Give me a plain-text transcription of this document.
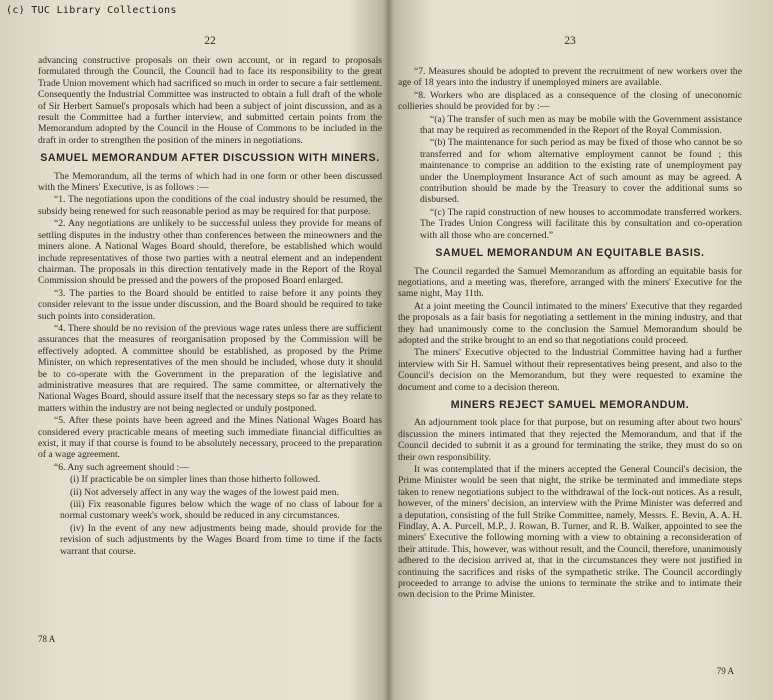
(c) TUC Library Collections
22

advancing constructive proposals on their own account, or in regard to proposals formulated through the Council, the Council had to face its responsibility to the great Trade Union movement which had sacrificed so much in order to secure a fair settlement. Consequently the Industrial Committee was instructed to obtain a full draft of the whole of Sir Herbert Samuel's proposals which had been a subject of joint discussion, and as a result the Committee had a further interview, and submitted certain points from the Memorandum adopted by the Council in the House of Commons to be included in the draft in order to strengthen the position of the miners in negotiations.

SAMUEL MEMORANDUM AFTER DISCUSSION WITH MINERS.

The Memorandum, all the terms of which had in one form or other been discussed with the Miners' Executive, is as follows :—

“1. The negotiations upon the conditions of the coal industry should be resumed, the subsidy being renewed for such reasonable period as may be required for that purpose.

“2. Any negotiations are unlikely to be successful unless they provide for means of settling disputes in the industry other than conferences between the mineowners and the miners alone. A National Wages Board should, therefore, be established which would include representatives of those two parties with a neutral element and an independent chairman. The proposals in this direction tentatively made in the Report of the Royal Commission should be pressed and the powers of the proposed Board enlarged.

“3. The parties to the Board should be entitled to raise before it any points they consider relevant to the issue under discussion, and the Board should be required to take such points into consideration.

“4. There should be no revision of the previous wage rates unless there are sufficient assurances that the measures of reorganisation proposed by the Commission will be effectively adopted. A committee should be established, as proposed by the Prime Minister, on which representatives of the men should be included, whose duty it should be to co-operate with the Government in the preparation of the legislative and administrative measures that are required. The same committee, or alternatively the National Wages Board, should assure itself that the necessary steps so far as they relate to matters within the industry are not being neglected or unduly postponed.

“5. After these points have been agreed and the Mines National Wages Board has considered every practicable means of meeting such immediate financial difficulties as exist, it may if that course is found to be absolutely necessary, proceed to the preparation of a wage agreement.

“6. Any such agreement should :—

(i) If practicable be on simpler lines than those hitherto followed.

(ii) Not adversely affect in any way the wages of the lowest paid men.

(iii) Fix reasonable figures below which the wage of no class of labour for a normal customary week's work, should be reduced in any circumstances.

(iv) In the event of any new adjustments being made, should provide for the revision of such adjustments by the Wages Board from time to time if the facts warrant that course.

78 A
23

“7. Measures should be adopted to prevent the recruitment of new workers over the age of 18 years into the industry if unemployed miners are available.

“8. Workers who are displaced as a consequence of the closing of uneconomic collieries should be provided for by :—

“(a) The transfer of such men as may be mobile with the Government assistance that may be required as recommended in the Report of the Royal Commission.

“(b) The maintenance for such period as may be fixed of those who cannot be so transferred and for whom alternative employment cannot be found ; this maintenance to comprise an addition to the existing rate of unemployment pay under the Unemployment Insurance Act of such amount as may be agreed. A contribution should be made by the Treasury to cover the additional sums so disbursed.

“(c) The rapid construction of new houses to accommodate transferred workers. The Trades Union Congress will facilitate this by consultation and co-operation with all those who are concerned.”

SAMUEL MEMORANDUM AN EQUITABLE BASIS.

The Council regarded the Samuel Memorandum as affording an equitable basis for negotiations, and a meeting was, therefore, arranged with the miners' Executive for the same night, May 11th.

At a joint meeting the Council intimated to the miners' Executive that they regarded the proposals as a fair basis for negotiating a settlement in the mining industry, and that they had unanimously come to the conclusion the Samuel Memorandum should be adopted and the strike brought to an end so that negotiations could proceed.

The miners' Executive objected to the Industrial Committee having had a further interview with Sir H. Samuel without their representatives being present, and also to the Council's decision on the Memorandum, but they were requested to examine the document and come to a decision thereon.

MINERS REJECT SAMUEL MEMORANDUM.

An adjournment took place for that purpose, but on resuming after about two hours' discussion the miners intimated that they rejected the Memorandum, and that if the Council decided to submit it as a ground for terminating the strike, they must do so on their own responsibility.

It was contemplated that if the miners accepted the General Council's decision, the Prime Minister would be seen that night, the strike be terminated and immediate steps taken to renew negotiations subject to the withdrawal of the lock-out notices. As a result, however, of the miners' decision, an interview with the Prime Minister was deferred and a deputation, consisting of the full Strike Committee, namely, Messrs. E. Bevin, A. A. H. Findlay, A. A. Purcell, M.P., J. Rowan, B. Turner, and R. B. Walker, appointed to see the miners' Executive the following morning with a view to obtaining a reconsideration of their attitude. This, however, was without result, and the Council, therefore, unanimously adhered to the decision arrived at, that in the circumstances they were not justified in continuing the sacrifices and risks of the sympathetic strike. The Council accordingly proceeded to arrange to advise the unions to terminate the strike and to intimate their own decision to the Prime Minister.

79 A
